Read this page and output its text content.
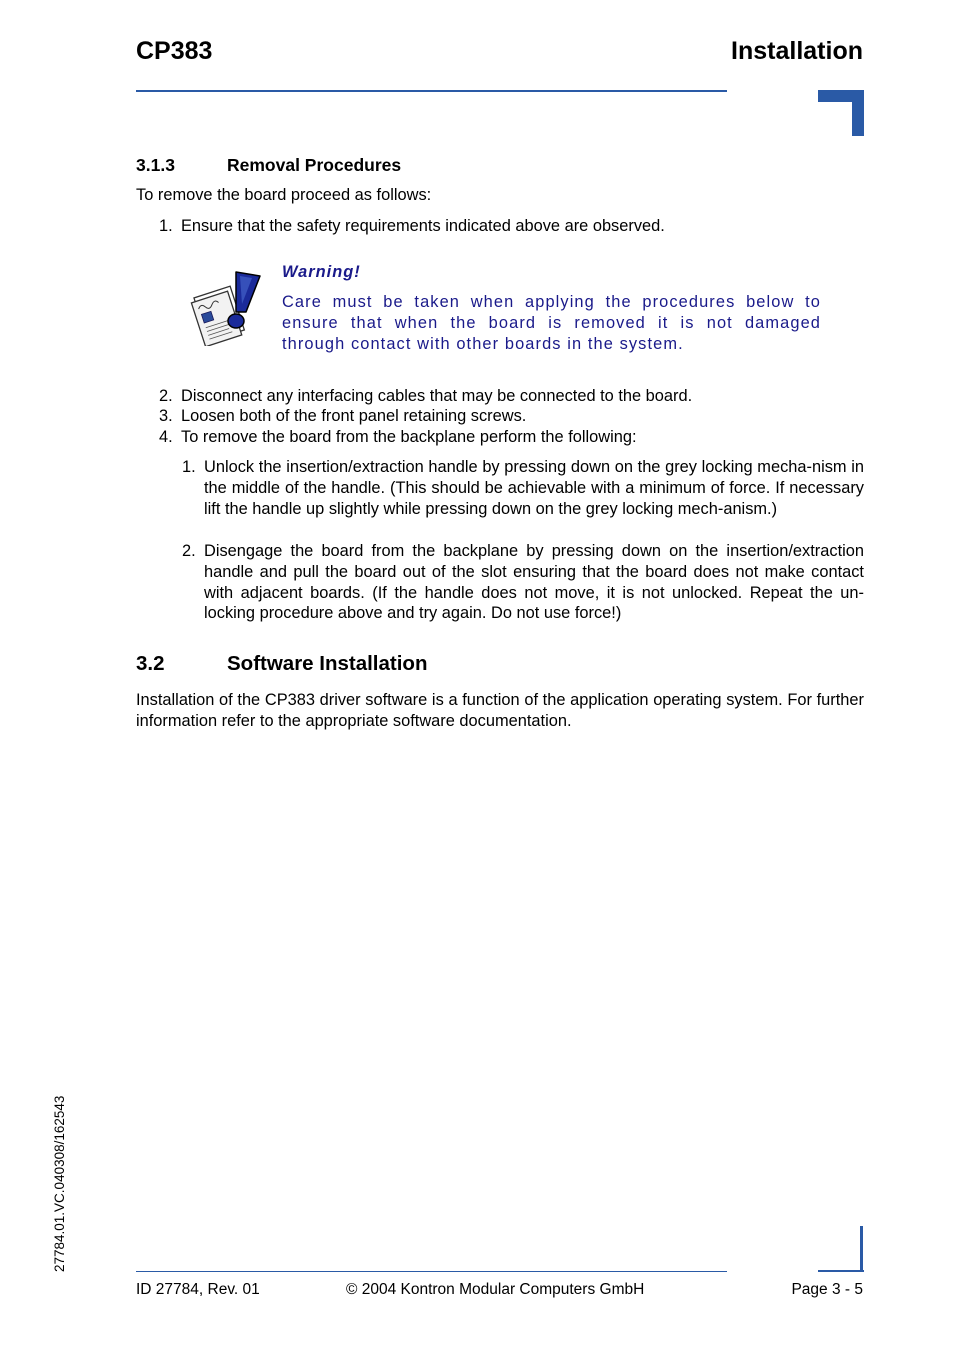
CP383	Installation
3.1.3	Removal Procedures
To remove the board proceed as follows:
1. Ensure that the safety requirements indicated above are observed.
Warning!
Care must be taken when applying the procedures below to ensure that when the board is removed it is not damaged through contact with other boards in the system.
2. Disconnect any interfacing cables that may be connected to the board.
3. Loosen both of the front panel retaining screws.
4. To remove the board from the backplane perform the following:
1. Unlock the insertion/extraction handle by pressing down on the grey locking mecha-nism in the middle of the handle. (This should be achievable with a minimum of force. If necessary lift the handle up slightly while pressing down on the grey locking mech-anism.)
2. Disengage the board from the backplane by pressing down on the insertion/extraction handle and pull the board out of the slot ensuring that the board does not make contact with adjacent boards. (If the handle does not move, it is not unlocked. Repeat the un-locking procedure above and try again. Do not use force!)
3.2	Software Installation
Installation of the CP383 driver software is a function of the application operating system. For further information refer to the appropriate software documentation.
27784.01.VC.040308/162543
ID 27784, Rev. 01	© 2004 Kontron Modular Computers GmbH	Page 3 - 5
